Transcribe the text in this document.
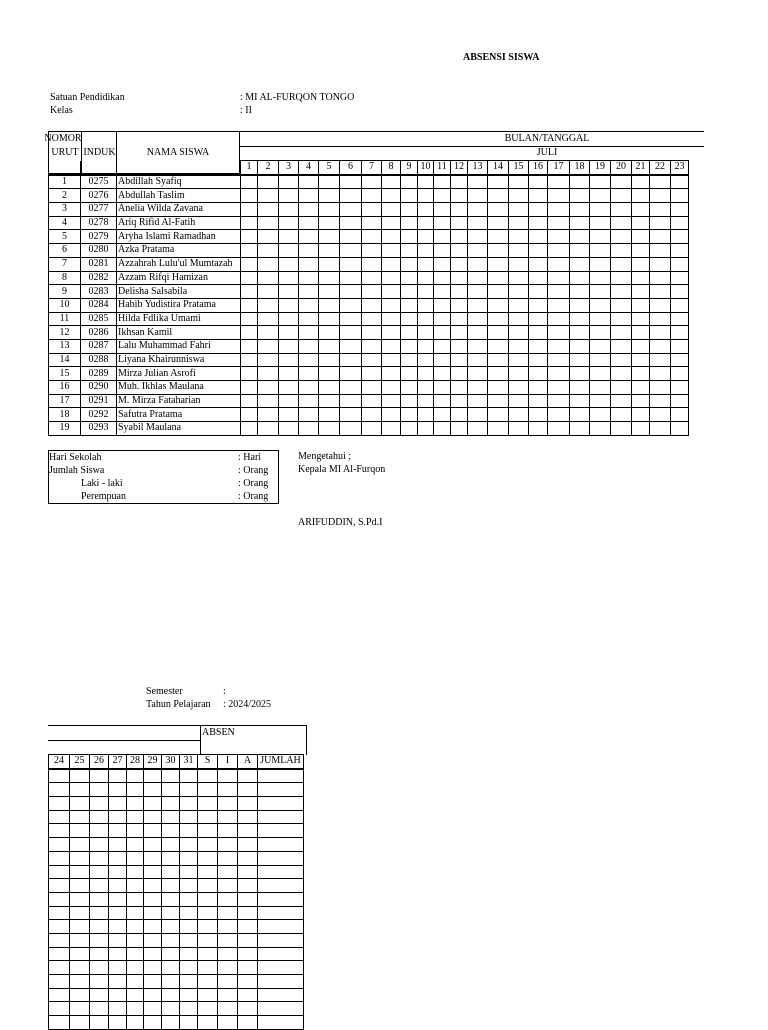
ABSENSI SISWA
Satuan Pendidikan	: MI AL-FURQON TONGO
Kelas	: II
NOMOR
URUT INDUK	NAMA SISWA
BULAN/TANGGAL
JULI
			1	2	3	4	5	6	7	8	9	10	11	12	13	14	15	16	17	18	19	20	21	22	23
1	0275	Abdillah Syafiq																							
2	0276	Abdullah Taslim																							
3	0277	Anelia Wilda Zavana																							
4	0278	Ariq Rifid Al-Fatih																							
5	0279	Aryha Islami Ramadhan																							
6	0280	Azka Pratama																							
7	0281	Azzahrah Lulu'ul Mumtazah																							
8	0282	Azzam Rifqi Hamizan																							
9	0283	Delisha Salsabila																							
10	0284	Habib Yudistira Pratama																							
11	0285	Hilda Fdlika Umami																							
12	0286	Ikhsan Kamil																							
13	0287	Lalu Muhammad Fahri																							
14	0288	Liyana Khairunniswa																							
15	0289	Mirza Julian Asrofi																							
16	0290	Muh. Ikhlas Maulana																							
17	0291	M. Mirza Fataharian																							
18	0292	Safutra Pratama																							
19	0293	Syabil Maulana																							
Hari Sekolah	: Hari
Jumlah Siswa	: Orang
Laki - laki	: Orang
Perempuan	: Orang
Mengetahui ;
Kepala MI Al-Furqon
ARIFUDDIN, S.Pd.I
Semester	:
Tahun Pelajaran : 2024/2025
ABSEN
24	25	26	27	28	29	30	31	S	I	A	JUMLAH
